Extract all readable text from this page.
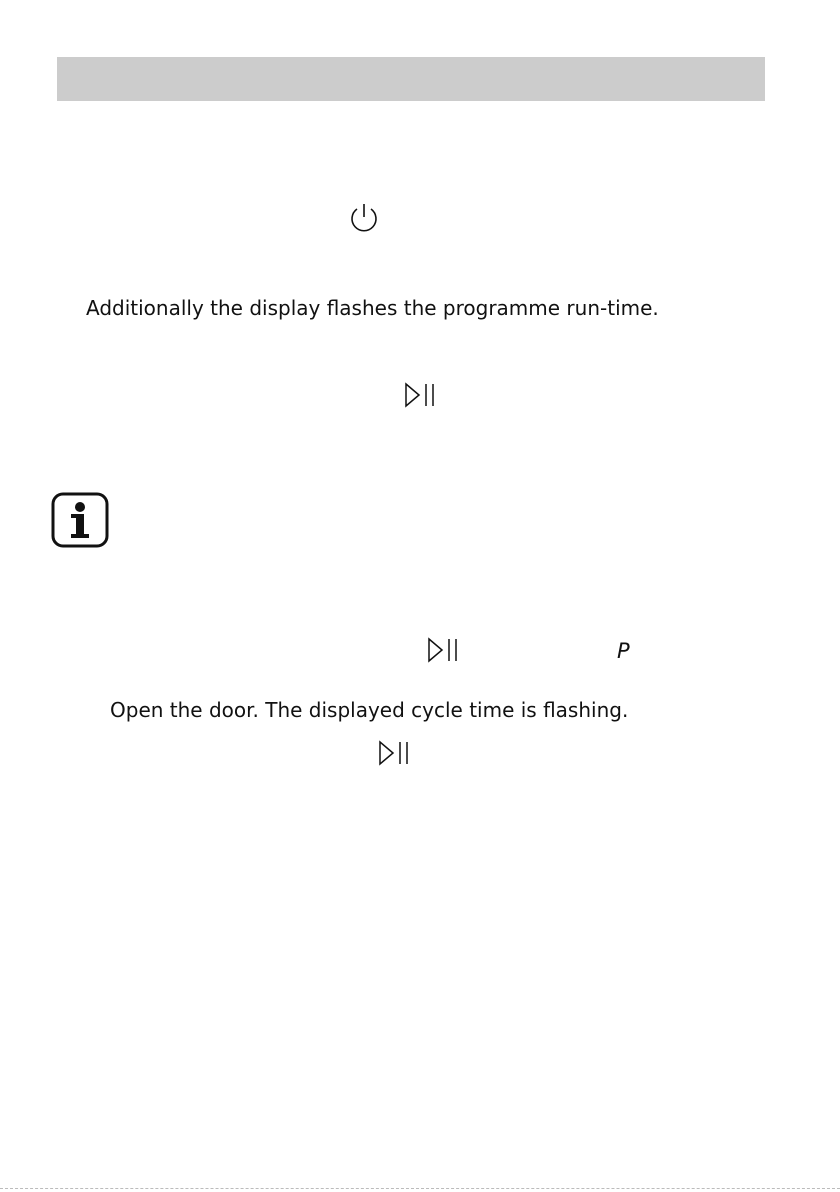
Additionally the display flashes the programme run-time.
P
Open the door. The displayed cycle time is flashing.
